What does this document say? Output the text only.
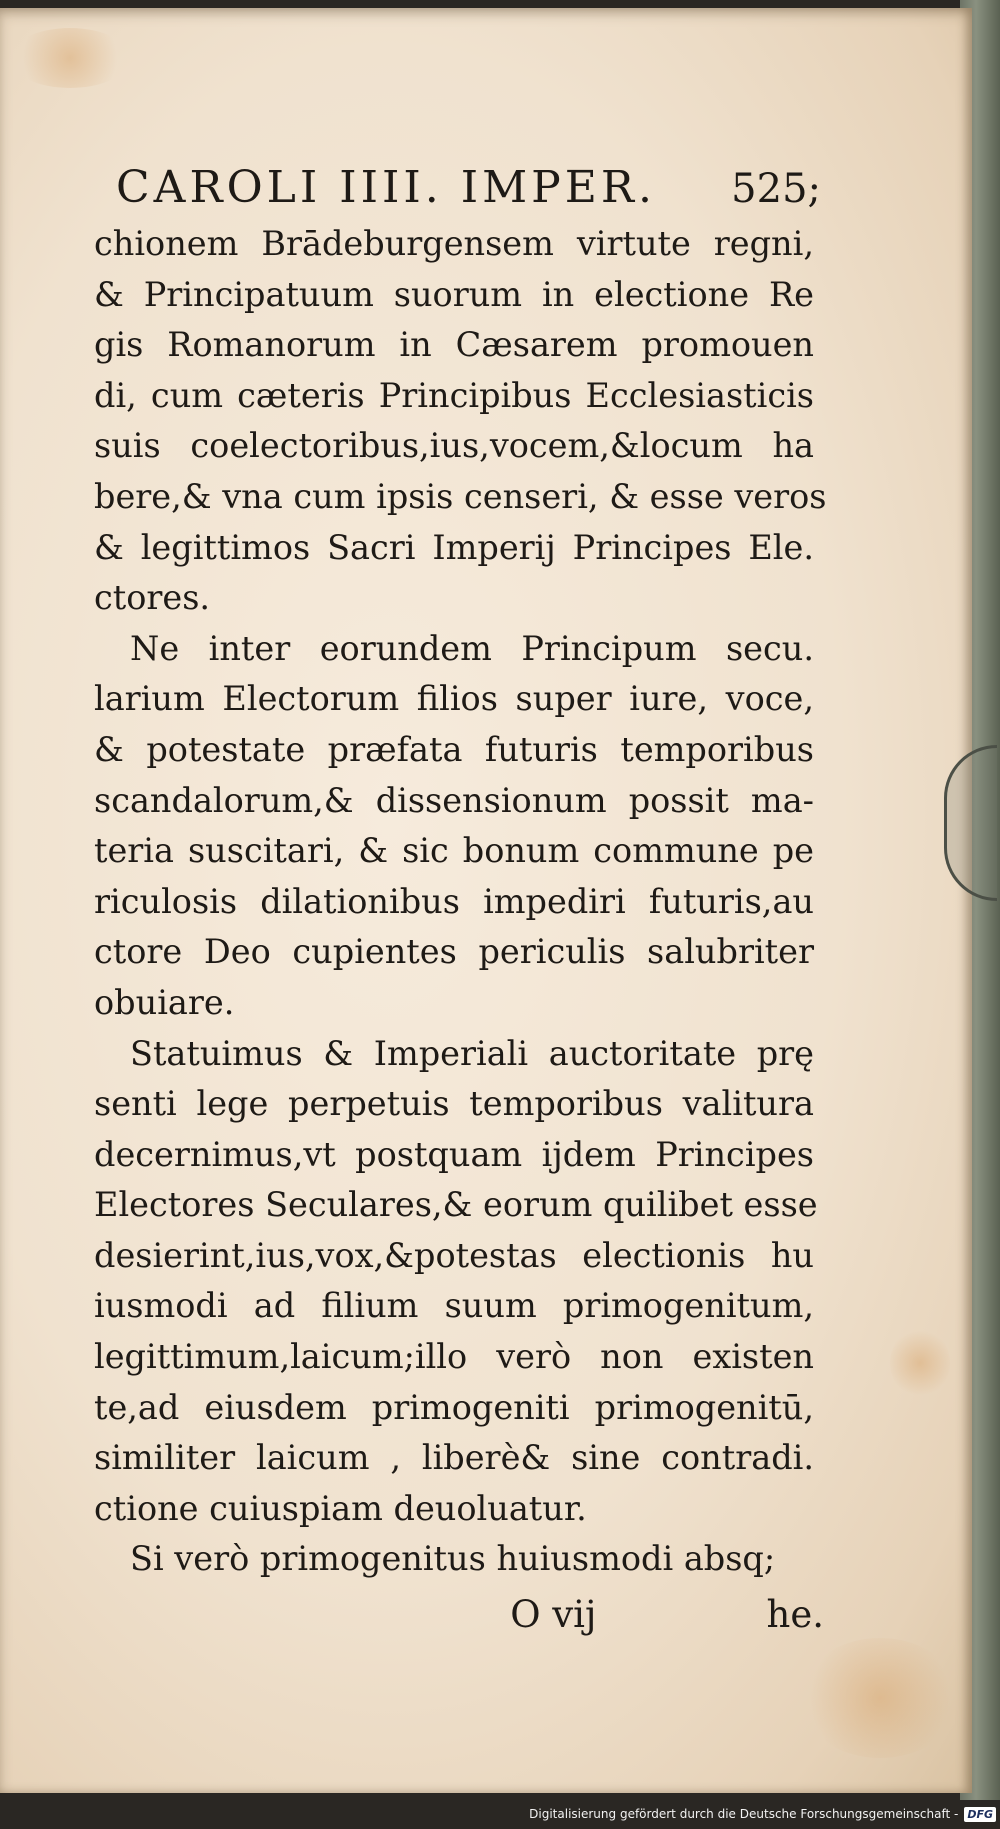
CAROLI IIII. IMPER. 525;
chionem Brādeburgensem virtute regni,
& Principatuum suorum in electione Re
gis Romanorum in Cæsarem promouen
di, cum cæteris Principibus Ecclesiasticis
suis coelectoribus,ius,vocem,&locum ha
bere,& vna cum ipsis censeri, & esse veros
& legittimos Sacri Imperij Principes Ele.
ctores.
Ne inter eorundem Principum secu.
larium Electorum filios super iure, voce,
& potestate præfata futuris temporibus
scandalorum,& dissensionum possit ma-
teria suscitari, & sic bonum commune pe
riculosis dilationibus impediri futuris,au
ctore Deo cupientes periculis salubriter
obuiare.
Statuimus & Imperiali auctoritate prę
senti lege perpetuis temporibus valitura
decernimus,vt postquam ijdem Principes
Electores Seculares,& eorum quilibet esse
desierint,ius,vox,&potestas electionis hu
iusmodi ad filium suum primogenitum,
legittimum,laicum;illo verò non existen
te,ad eiusdem primogeniti primogenitū,
similiter laicum , liberè& sine contradi.
ctione cuiuspiam deuoluatur.
Si verò primogenitus huiusmodi absq;
O vij	he.
Digitalisierung gefördert durch die Deutsche Forschungsgemeinschaft - DFG
